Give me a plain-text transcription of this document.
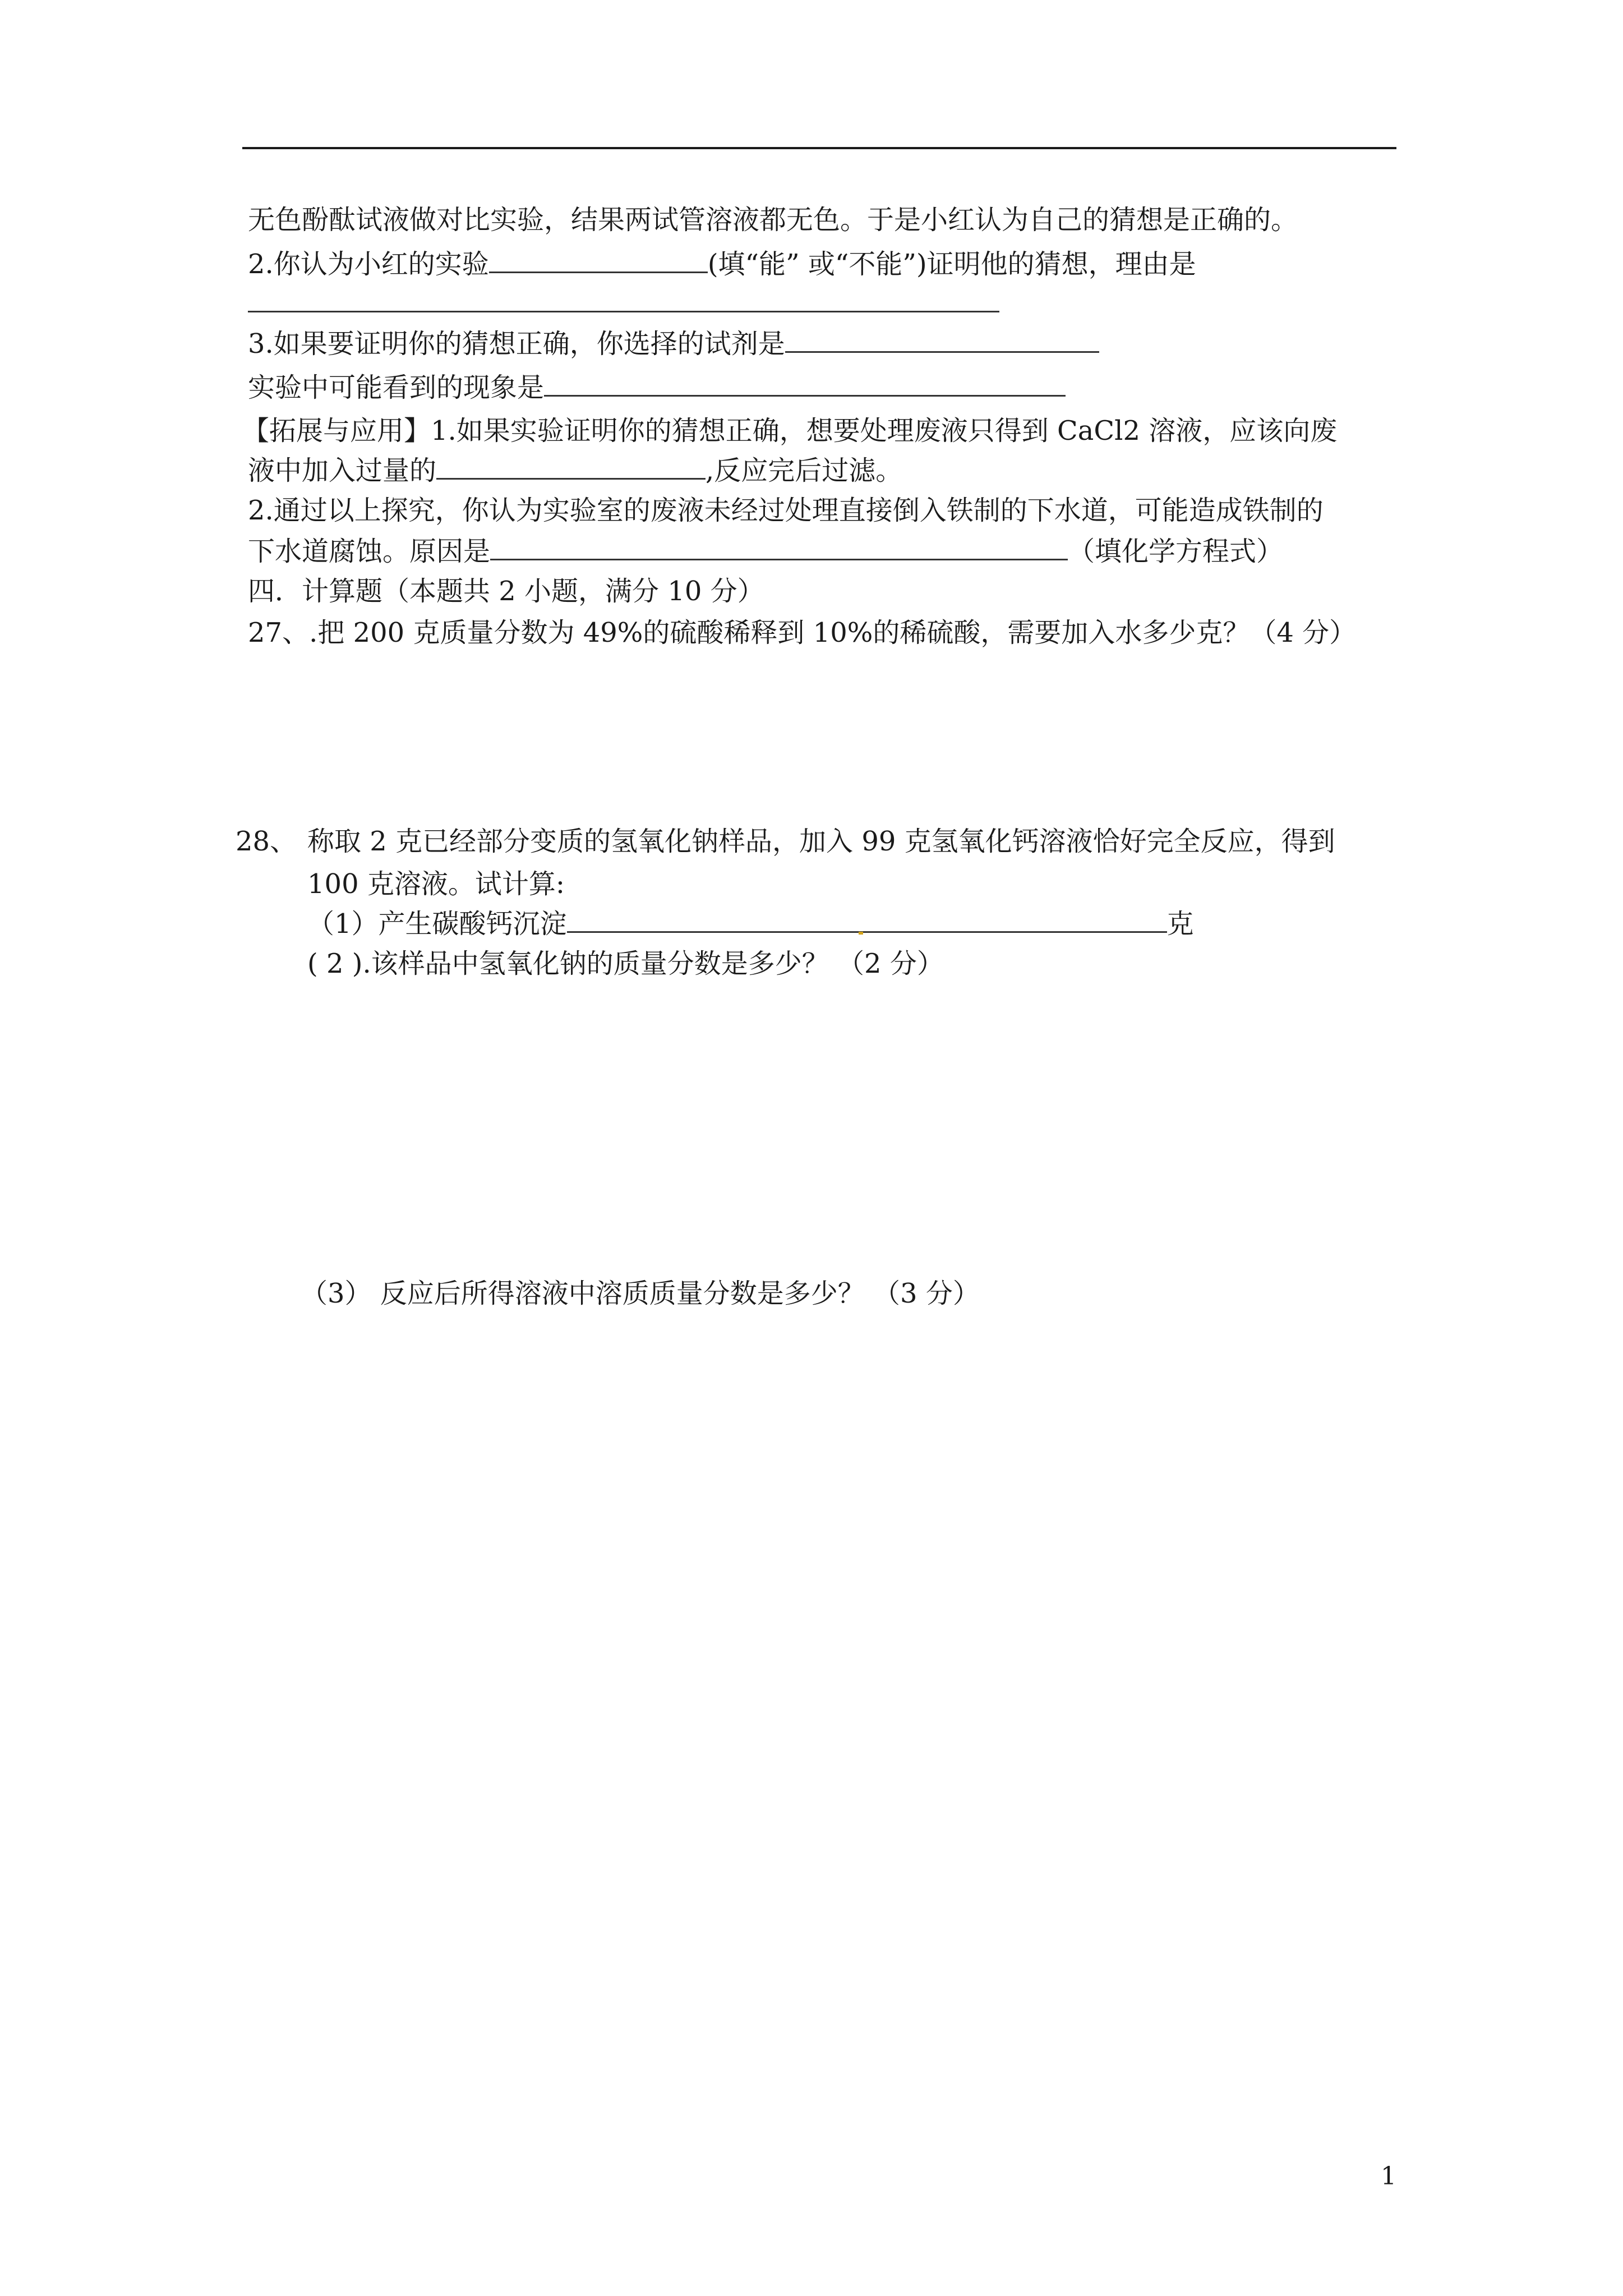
无色酚酞试液做对比实验，结果两试管溶液都无色。于是小红认为自己的猜想是正确的。
2.你认为小红的实验	(填“能” 或“不能”)证明他的猜想，理由是
3.如果要证明你的猜想正确，你选择的试剂是
实验中可能看到的现象是
【拓展与应用】1.如果实验证明你的猜想正确，想要处理废液只得到 CaCl2 溶液，应该向废
液中加入过量的	,反应完后过滤。
2.通过以上探究，你认为实验室的废液未经过处理直接倒入铁制的下水道，可能造成铁制的
下水道腐蚀。原因是	（填化学方程式）
四．计算题（本题共 2 小题，满分 10 分）
27、.把 200 克质量分数为 49%的硫酸稀释到 10%的稀硫酸，需要加入水多少克？（4 分）
28、 称取 2 克已经部分变质的氢氧化钠样品，加入 99 克氢氧化钙溶液恰好完全反应，得到
100 克溶液。试计算:
（1）产生碳酸钙沉淀	克
( 2 ).该样品中氢氧化钠的质量分数是多少？ （2 分）
（3） 反应后所得溶液中溶质质量分数是多少？ （3 分）
1
